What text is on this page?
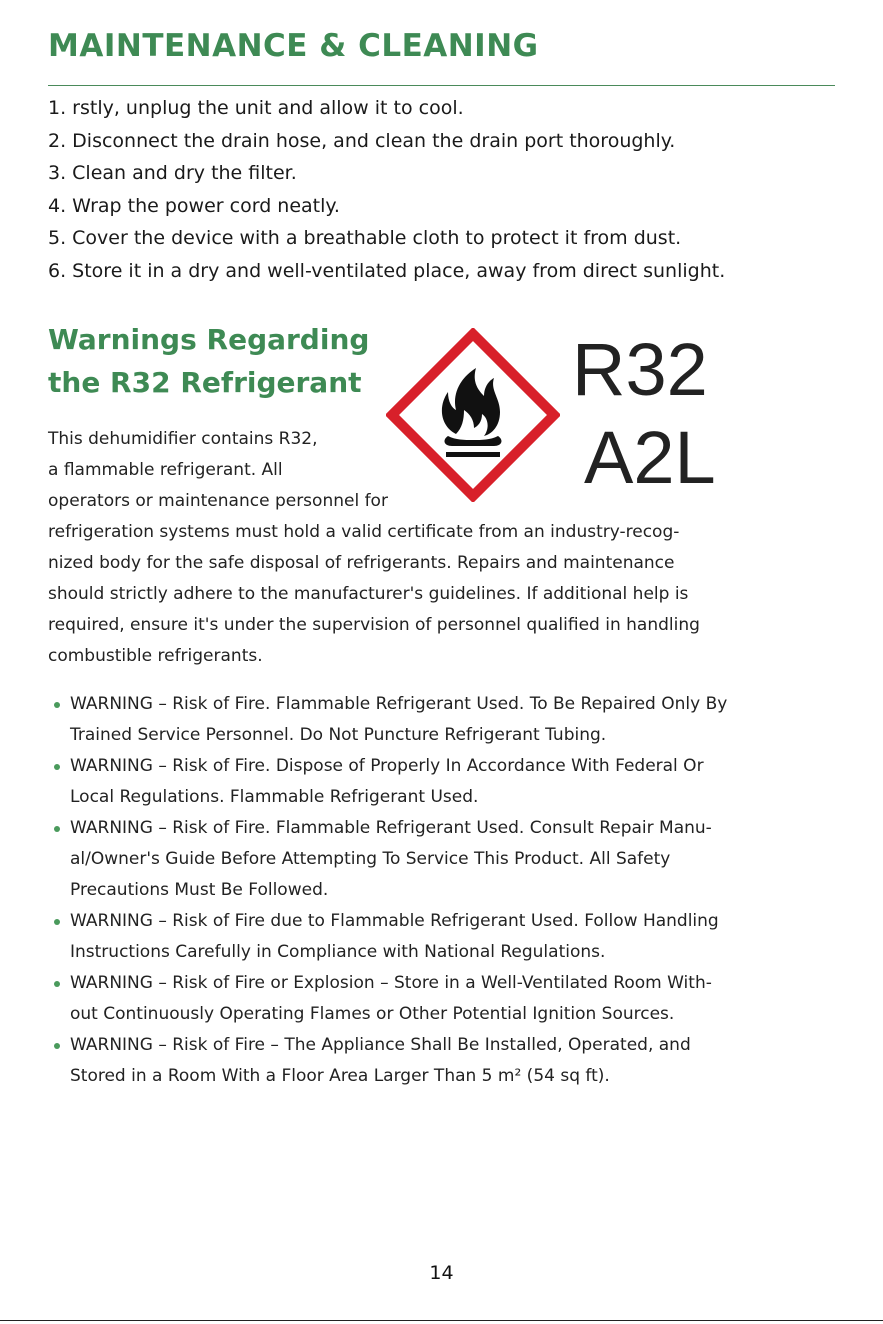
MAINTENANCE & CLEANING
1. rstly, unplug the unit and allow it to cool.
2. Disconnect the drain hose, and clean the drain port thoroughly.
3. Clean and dry the filter.
4. Wrap the power cord neatly.
5. Cover the device with a breathable cloth to protect it from dust.
6. Store it in a dry and well-ventilated place, away from direct sunlight.
Warnings Regarding
the R32 Refrigerant	R32
A2L
This dehumidifier contains R32,
a flammable refrigerant. All
operators or maintenance personnel for
refrigeration systems must hold a valid certificate from an industry-recog-
nized body for the safe disposal of refrigerants. Repairs and maintenance
should strictly adhere to the manufacturer's guidelines. If additional help is
required, ensure it's under the supervision of personnel qualified in handling
combustible refrigerants.
WARNING – Risk of Fire. Flammable Refrigerant Used. To Be Repaired Only By
Trained Service Personnel. Do Not Puncture Refrigerant Tubing.
WARNING – Risk of Fire. Dispose of Properly In Accordance With Federal Or
Local Regulations. Flammable Refrigerant Used.
WARNING – Risk of Fire. Flammable Refrigerant Used. Consult Repair Manu-
al/Owner's Guide Before Attempting To Service This Product. All Safety
Precautions Must Be Followed.
WARNING – Risk of Fire due to Flammable Refrigerant Used. Follow Handling
Instructions Carefully in Compliance with National Regulations.
WARNING – Risk of Fire or Explosion – Store in a Well-Ventilated Room With-
out Continuously Operating Flames or Other Potential Ignition Sources.
WARNING – Risk of Fire – The Appliance Shall Be Installed, Operated, and
Stored in a Room With a Floor Area Larger Than 5 m² (54 sq ft).
14
